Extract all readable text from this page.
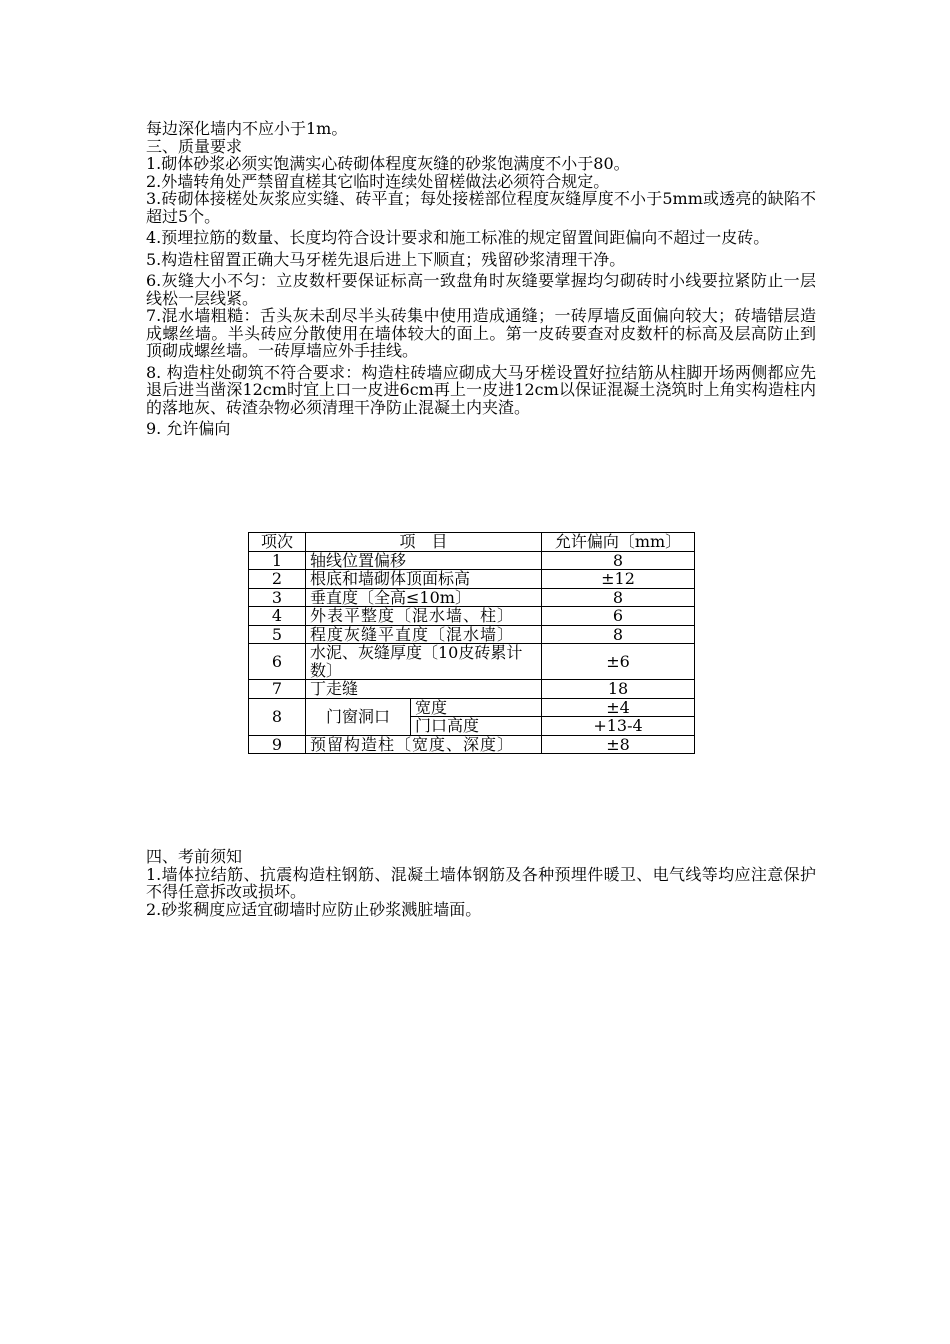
每边深化墙内不应小于1m。

三、质量要求

1.砌体砂浆必须实饱满实心砖砌体程度灰缝的砂浆饱满度不小于80。

2.外墙转角处严禁留直槎其它临时连续处留槎做法必须符合规定。

3.砖砌体接槎处灰浆应实缝、砖平直；每处接槎部位程度灰缝厚度不小于5mm或透亮的缺陷不超过5个。

4.预埋拉筋的数量、长度均符合设计要求和施工标准的规定留置间距偏向不超过一皮砖。

5.构造柱留置正确大马牙槎先退后进上下顺直；残留砂浆清理干净。

6.灰缝大小不匀：立皮数杆要保证标高一致盘角时灰缝要掌握均匀砌砖时小线要拉紧防止一层线松一层线紧。

7.混水墙粗糙：舌头灰未刮尽半头砖集中使用造成通缝；一砖厚墙反面偏向较大；砖墙错层造成螺丝墙。半头砖应分散使用在墙体较大的面上。第一皮砖要查对皮数杆的标高及层高防止到顶砌成螺丝墙。一砖厚墙应外手挂线。

8. 构造柱处砌筑不符合要求：构造柱砖墙应砌成大马牙槎设置好拉结筋从柱脚开场两侧都应先退后进当凿深12cm时宜上口一皮进6cm再上一皮进12cm以保证混凝土浇筑时上角实构造柱内的落地灰、砖渣杂物必须清理干净防止混凝土内夹渣。

9. 允许偏向

项次	项　目		允许偏向〔mm〕
1	轴线位置偏移		8
2	根底和墙砌体顶面标高		±12
3	垂直度〔全高≤10m〕		8
4	外表平整度〔混水墙、柱〕		6
5	程度灰缝平直度〔混水墙〕		8
6	水泥、灰缝厚度〔10皮砖累计数〕		±6
7	丁走缝		18
8	门窗洞口	宽度	±4
		门口高度	+13-4
9	预留构造柱〔宽度、深度〕		±8

四、考前须知

1.墙体拉结筋、抗震构造柱钢筋、混凝土墙体钢筋及各种预埋件暖卫、电气线等均应注意保护不得任意拆改或损坏。

2.砂浆稠度应适宜砌墙时应防止砂浆溅脏墙面。
